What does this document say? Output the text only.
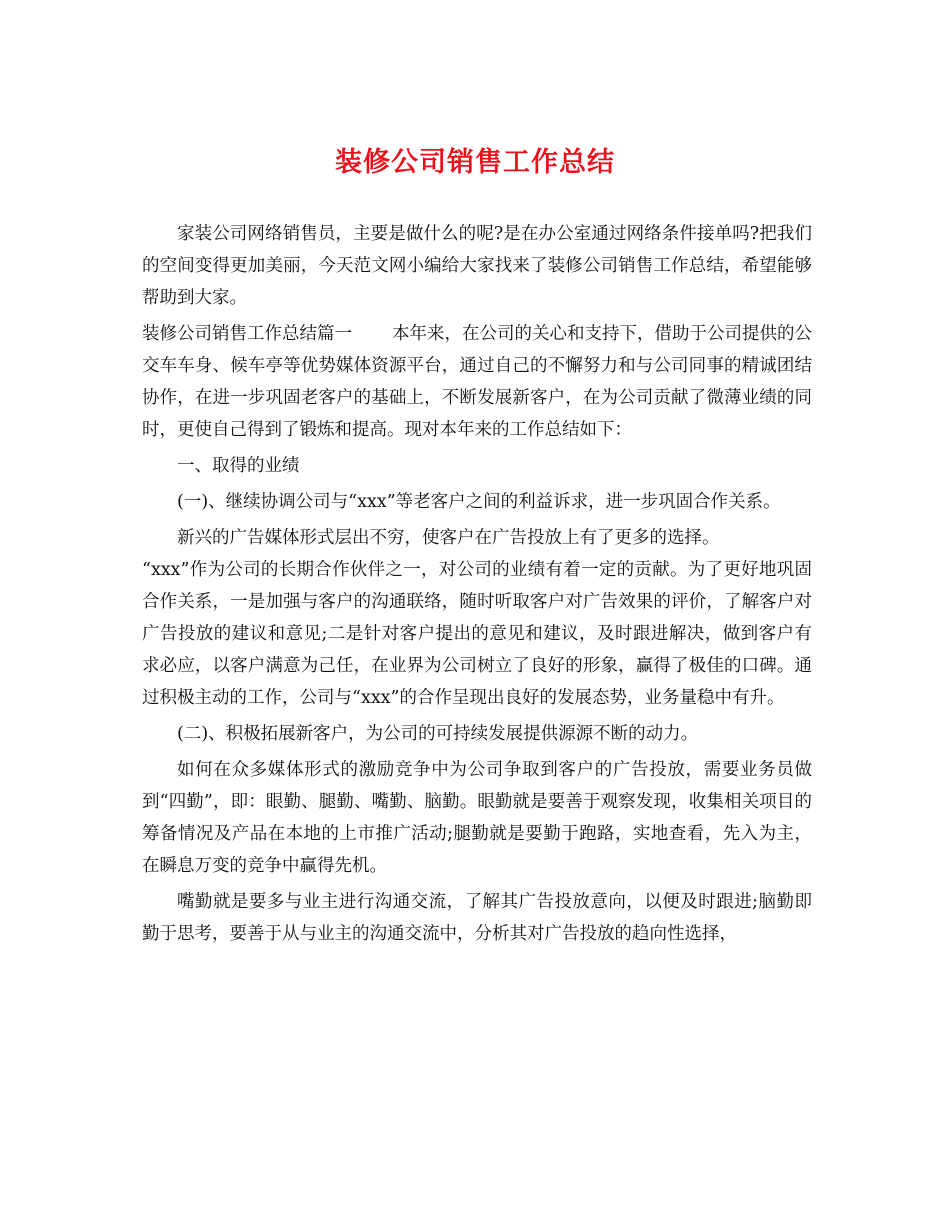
装修公司销售工作总结

家装公司网络销售员，主要是做什么的呢?是在办公室通过网络条件接单吗?把我们的空间变得更加美丽，今天范文网小编给大家找来了装修公司销售工作总结，希望能够帮助到大家。

装修公司销售工作总结篇一 本年来，在公司的关心和支持下，借助于公司提供的公交车车身、候车亭等优势媒体资源平台，通过自己的不懈努力和与公司同事的精诚团结协作，在进一步巩固老客户的基础上，不断发展新客户，在为公司贡献了微薄业绩的同时，更使自己得到了锻炼和提高。现对本年来的工作总结如下：

一、取得的业绩

(一)、继续协调公司与“xxx”等老客户之间的利益诉求，进一步巩固合作关系。

新兴的广告媒体形式层出不穷，使客户在广告投放上有了更多的选择。

“xxx”作为公司的长期合作伙伴之一，对公司的业绩有着一定的贡献。为了更好地巩固合作关系，一是加强与客户的沟通联络，随时听取客户对广告效果的评价，了解客户对广告投放的建议和意见;二是针对客户提出的意见和建议，及时跟进解决，做到客户有求必应，以客户满意为己任，在业界为公司树立了良好的形象，赢得了极佳的口碑。通过积极主动的工作，公司与“xxx”的合作呈现出良好的发展态势，业务量稳中有升。

(二)、积极拓展新客户，为公司的可持续发展提供源源不断的动力。

如何在众多媒体形式的激励竞争中为公司争取到客户的广告投放，需要业务员做到“四勤”，即：眼勤、腿勤、嘴勤、脑勤。眼勤就是要善于观察发现，收集相关项目的筹备情况及产品在本地的上市推广活动;腿勤就是要勤于跑路，实地查看，先入为主，在瞬息万变的竞争中赢得先机。

嘴勤就是要多与业主进行沟通交流，了解其广告投放意向，以便及时跟进;脑勤即勤于思考，要善于从与业主的沟通交流中，分析其对广告投放的趋向性选择，
